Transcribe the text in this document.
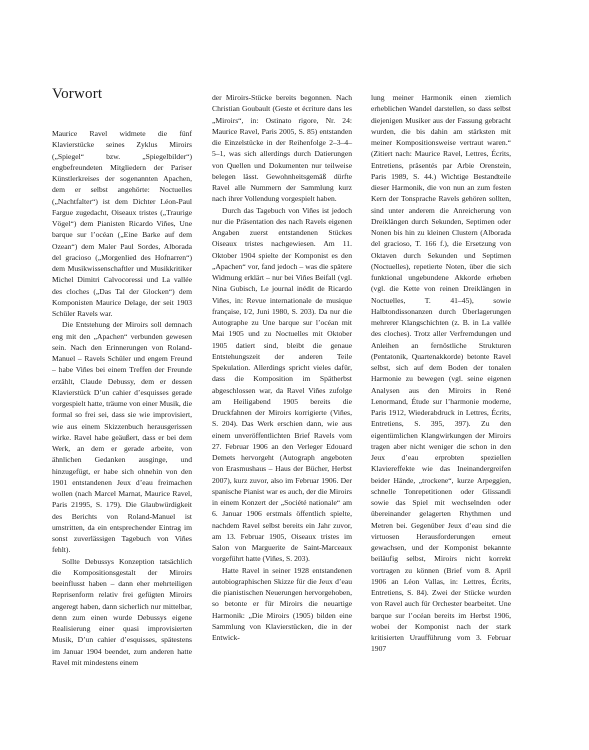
Vorwort

Maurice Ravel widmete die fünf Klavierstücke seines Zyklus Miroirs („Spiegel“ bzw. „Spiegelbilder“) engbefreundeten Mitgliedern der Pariser Künstlerkreises der sogenannten Apachen, dem er selbst angehörte: Noctuelles („Nachtfalter“) ist dem Dichter Léon-Paul Fargue zugedacht, Oiseaux tristes („Traurige Vögel“) dem Pianisten Ricardo Viñes, Une barque sur l’océan („Eine Barke auf dem Ozean“) dem Maler Paul Sordes, Alborada del gracioso („Morgenlied des Hofnarren“) dem Musikwissenschaftler und Musikkritiker Michel Dimitri Calvocoressi und La vallée des cloches („Das Tal der Glocken“) dem Komponisten Maurice Delage, der seit 1903 Schüler Ravels war.

Die Entstehung der Miroirs soll demnach eng mit den „Apachen“ verbunden gewesen sein. Nach den Erinnerungen von Roland-Manuel – Ravels Schüler und engem Freund – habe Viñes bei einem Treffen der Freunde erzählt, Claude Debussy, dem er dessen Klavierstück D’un cahier d’esquisses gerade vorgespielt hatte, träume von einer Musik, die formal so frei sei, dass sie wie improvisiert, wie aus einem Skizzenbuch herausgerissen wirke. Ravel habe geäußert, dass er bei dem Werk, an dem er gerade arbeite, von ähnlichen Gedanken ausginge, und hinzugefügt, er habe sich ohnehin von den 1901 entstandenen Jeux d’eau freimachen wollen (nach Marcel Marnat, Maurice Ravel, Paris 21995, S. 179). Die Glaubwürdigkeit des Berichts von Roland-Manuel ist umstritten, da ein entsprechender Eintrag im sonst zuverlässigen Tagebuch von Viñes fehlt).

Sollte Debussys Konzeption tatsächlich die Kompositionsgestalt der Miroirs beeinflusst haben – dann eher mehrteiligen Reprisenform relativ frei gefügten Miroirs angeregt haben, dann sicherlich nur mittelbar, denn zum einen wurde Debussys eigene Realisierung einer quasi improvisierten Musik, D’un cahier d’esquisses, spätestens im Januar 1904 beendet, zum anderen hatte Ravel mit mindestens einem

der Miroirs-Stücke bereits begonnen. Nach Christian Goubault (Geste et écriture dans les „Miroirs“, in: Ostinato rigore, Nr. 24: Maurice Ravel, Paris 2005, S. 85) entstanden die Einzelstücke in der Reihenfolge 2–3–4–5–1, was sich allerdings durch Datierungen von Quellen und Dokumenten nur teilweise belegen lässt. Gewohnheitsgemäß dürfte Ravel alle Nummern der Sammlung kurz nach ihrer Vollendung vorgespielt haben.

Durch das Tagebuch von Viñes ist jedoch nur die Präsentation des nach Ravels eigenen Angaben zuerst entstandenen Stückes Oiseaux tristes nachgewiesen. Am 11. Oktober 1904 spielte der Komponist es den „Apachen“ vor, fand jedoch – was die spätere Widmung erklärt – nur bei Viñes Beifall (vgl. Nina Gubisch, Le journal inédit de Ricardo Viñes, in: Revue internationale de musique française, I/2, Juni 1980, S. 203). Da nur die Autographe zu Une barque sur l’océan mit Mai 1905 und zu Noctuelles mit Oktober 1905 datiert sind, bleibt die genaue Entstehungszeit der anderen Teile Spekulation. Allerdings spricht vieles dafür, dass die Komposition im Spätherbst abgeschlossen war, da Ravel Viñes zufolge am Heiligabend 1905 bereits die Druckfahnen der Miroirs korrigierte (Viñes, S. 204). Das Werk erschien dann, wie aus einem unveröffentlichten Brief Ravels vom 27. Februar 1906 an den Verleger Edouard Demets hervorgeht (Autograph angeboten von Erasmushaus – Haus der Bücher, Herbst 2007), kurz zuvor, also im Februar 1906. Der spanische Pianist war es auch, der die Miroirs in einem Konzert der „Société nationale“ am 6. Januar 1906 erstmals öffentlich spielte, nachdem Ravel selbst bereits ein Jahr zuvor, am 13. Februar 1905, Oiseaux tristes im Salon von Marguerite de Saint-Marceaux vorgeführt hatte (Viñes, S. 203).

Hatte Ravel in seiner 1928 entstandenen autobiographischen Skizze für die Jeux d’eau die pianistischen Neuerungen hervorgehoben, so betonte er für Miroirs die neuartige Harmonik: „Die Miroirs (1905) bilden eine Sammlung von Klavierstücken, die in der Entwick-

lung meiner Harmonik einen ziemlich erheblichen Wandel darstellen, so dass selbst diejenigen Musiker aus der Fassung gebracht wurden, die bis dahin am stärksten mit meiner Kompositionsweise vertraut waren.“ (Zitiert nach: Maurice Ravel, Lettres, Écrits, Entretiens, präsentés par Arbie Orenstein, Paris 1989, S. 44.) Wichtige Bestandteile dieser Harmonik, die von nun an zum festen Kern der Tonsprache Ravels gehören sollten, sind unter anderem die Anreicherung von Dreiklängen durch Sekunden, Septimen oder Nonen bis hin zu kleinen Clustern (Alborada del gracioso, T. 166 f.), die Ersetzung von Oktaven durch Sekunden und Septimen (Noctuelles), repetierte Noten, über die sich funktional ungebundene Akkorde erheben (vgl. die Kette von reinen Dreiklängen in Noctuelles, T. 41–45), sowie Halbtondissonanzen durch Überlagerungen mehrerer Klangschichten (z. B. in La vallée des cloches). Trotz aller Verfremdungen und Anleihen an fernöstliche Strukturen (Pentatonik, Quartenakkorde) betonte Ravel selbst, sich auf dem Boden der tonalen Harmonie zu bewegen (vgl. seine eigenen Analysen aus den Miroirs in René Lenormand, Étude sur l’harmonie moderne, Paris 1912, Wiederabdruck in Lettres, Écrits, Entretiens, S. 395, 397). Zu den eigentümlichen Klangwirkungen der Miroirs tragen aber nicht weniger die schon in den Jeux d’eau erprobten speziellen Klaviereffekte wie das Ineinandergreifen beider Hände, „trockene“, kurze Arpeggien, schnelle Tonrepetitionen oder Glissandi sowie das Spiel mit wechselnden oder übereinander gelagerten Rhythmen und Metren bei. Gegenüber Jeux d’eau sind die virtuosen Herausforderungen erneut gewachsen, und der Komponist bekannte beiläufig selbst, Miroirs nicht korrekt vortragen zu können (Brief vom 8. April 1906 an Léon Vallas, in: Lettres, Écrits, Entretiens, S. 84). Zwei der Stücke wurden von Ravel auch für Orchester bearbeitet. Une barque sur l’océan bereits im Herbst 1906, wobei der Komponist nach der stark kritisierten Uraufführung vom 3. Februar 1907
